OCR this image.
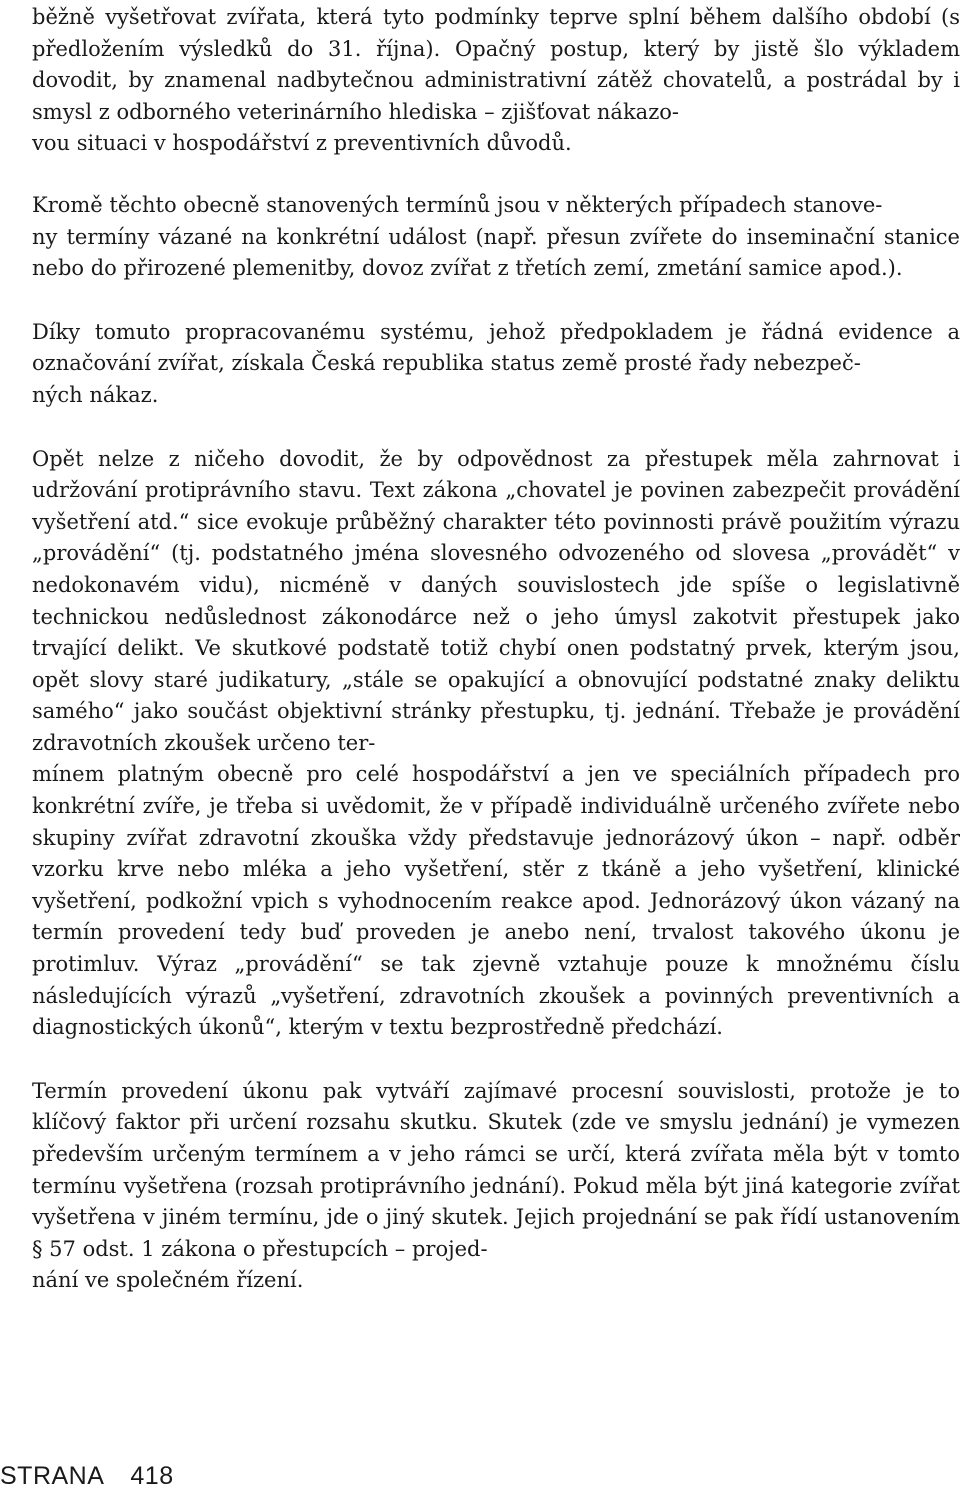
běžně vyšetřovat zvířata, která tyto podmínky teprve splní během dalšího období (s předložením výsledků do 31. října). Opačný postup, který by jistě šlo výkladem dovodit, by znamenal nadbytečnou administrativní zátěž chovatelů, a postrádal by i smysl z odborného veterinárního hlediska – zjišťovat nákazo-
vou situaci v hospodářství z preventivních důvodů.

Kromě těchto obecně stanovených termínů jsou v některých případech stanove-
ny termíny vázané na konkrétní událost (např. přesun zvířete do inseminační stanice nebo do přirozené plemenitby, dovoz zvířat z třetích zemí, zmetání samice apod.).

Díky tomuto propracovanému systému, jehož předpokladem je řádná evidence a označování zvířat, získala Česká republika status země prosté řady nebezpeč-
ných nákaz.

Opět nelze z ničeho dovodit, že by odpovědnost za přestupek měla zahrnovat i udržování protiprávního stavu. Text zákona „chovatel je povinen zabezpečit provádění vyšetření atd.“ sice evokuje průběžný charakter této povinnosti právě použitím výrazu „provádění“ (tj. podstatného jména slovesného odvozeného od slovesa „provádět“ v nedokonavém vidu), nicméně v daných souvislostech jde spíše o legislativně technickou nedůslednost zákonodárce než o jeho úmysl zakotvit přestupek jako trvající delikt. Ve skutkové podstatě totiž chybí onen podstatný prvek, kterým jsou, opět slovy staré judikatury, „stále se opakující a obnovující podstatné znaky deliktu samého“ jako součást objektivní stránky přestupku, tj. jednání. Třebaže je provádění zdravotních zkoušek určeno ter-
mínem platným obecně pro celé hospodářství a jen ve speciálních případech pro konkrétní zvíře, je třeba si uvědomit, že v případě individuálně určeného zvířete nebo skupiny zvířat zdravotní zkouška vždy představuje jednorázový úkon – např. odběr vzorku krve nebo mléka a jeho vyšetření, stěr z tkáně a jeho vyšetření, klinické vyšetření, podkožní vpich s vyhodnocením reakce apod. Jednorázový úkon vázaný na termín provedení tedy buď proveden je anebo není, trvalost takového úkonu je protimluv. Výraz „provádění“ se tak zjevně vztahuje pouze k množnému číslu následujících výrazů „vyšetření, zdravotních zkoušek a povinných preventivních a diagnostických úkonů“, kterým v textu bezprostředně předchází.

Termín provedení úkonu pak vytváří zajímavé procesní souvislosti, protože je to klíčový faktor při určení rozsahu skutku. Skutek (zde ve smyslu jednání) je vymezen především určeným termínem a v jeho rámci se určí, která zvířata měla být v tomto termínu vyšetřena (rozsah protiprávního jednání). Pokud měla být jiná kategorie zvířat vyšetřena v jiném termínu, jde o jiný skutek. Jejich projednání se pak řídí ustanovením § 57 odst. 1 zákona o přestupcích – projed-
nání ve společném řízení.

STRANA 418
